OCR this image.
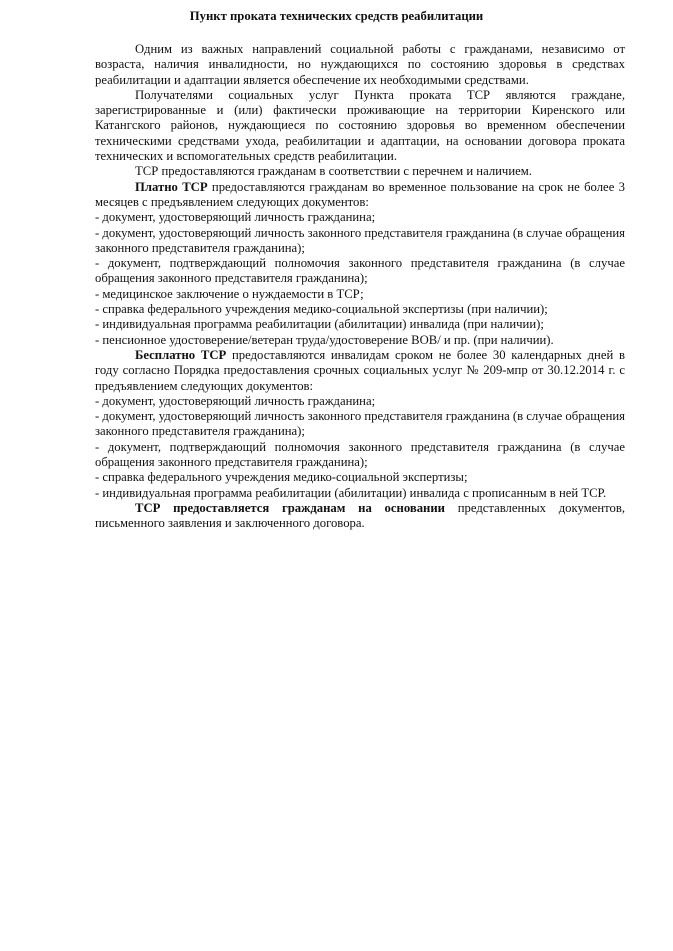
Пункт проката технических средств реабилитации

Одним из важных направлений социальной работы с гражданами, независимо от возраста, наличия инвалидности, но нуждающихся по состоянию здоровья в средствах реабилитации и адаптации является обеспечение их необходимыми средствами.

Получателями социальных услуг Пункта проката ТСР являются граждане, зарегистрированные и (или) фактически проживающие на территории Киренского или Катангского районов, нуждающиеся по состоянию здоровья во временном обеспечении техническими средствами ухода, реабилитации и адаптации, на основании договора проката технических и вспомогательных средств реабилитации.

ТСР предоставляются гражданам в соответствии с перечнем и наличием.

Платно ТСР предоставляются гражданам во временное пользование на срок не более 3 месяцев с предъявлением следующих документов:

- документ, удостоверяющий личность гражданина;

- документ, удостоверяющий личность законного представителя гражданина (в случае обращения законного представителя гражданина);

- документ, подтверждающий полномочия законного представителя гражданина (в случае обращения законного представителя гражданина);

- медицинское заключение о нуждаемости в ТСР;

- справка федерального учреждения медико-социальной экспертизы (при наличии);

- индивидуальная программа реабилитации (абилитации) инвалида (при наличии);

- пенсионное удостоверение/ветеран труда/удостоверение ВОВ/ и пр. (при наличии).

Бесплатно ТСР предоставляются инвалидам сроком не более 30 календарных дней в году согласно Порядка предоставления срочных социальных услуг № 209-мпр от 30.12.2014 г. с предъявлением следующих документов:

- документ, удостоверяющий личность гражданина;

- документ, удостоверяющий личность законного представителя гражданина (в случае обращения законного представителя гражданина);

- документ, подтверждающий полномочия законного представителя гражданина (в случае обращения законного представителя гражданина);

- справка федерального учреждения медико-социальной экспертизы;

- индивидуальная программа реабилитации (абилитации) инвалида с прописанным в ней ТСР.

ТСР предоставляется гражданам на основании представленных документов, письменного заявления и заключенного договора.
